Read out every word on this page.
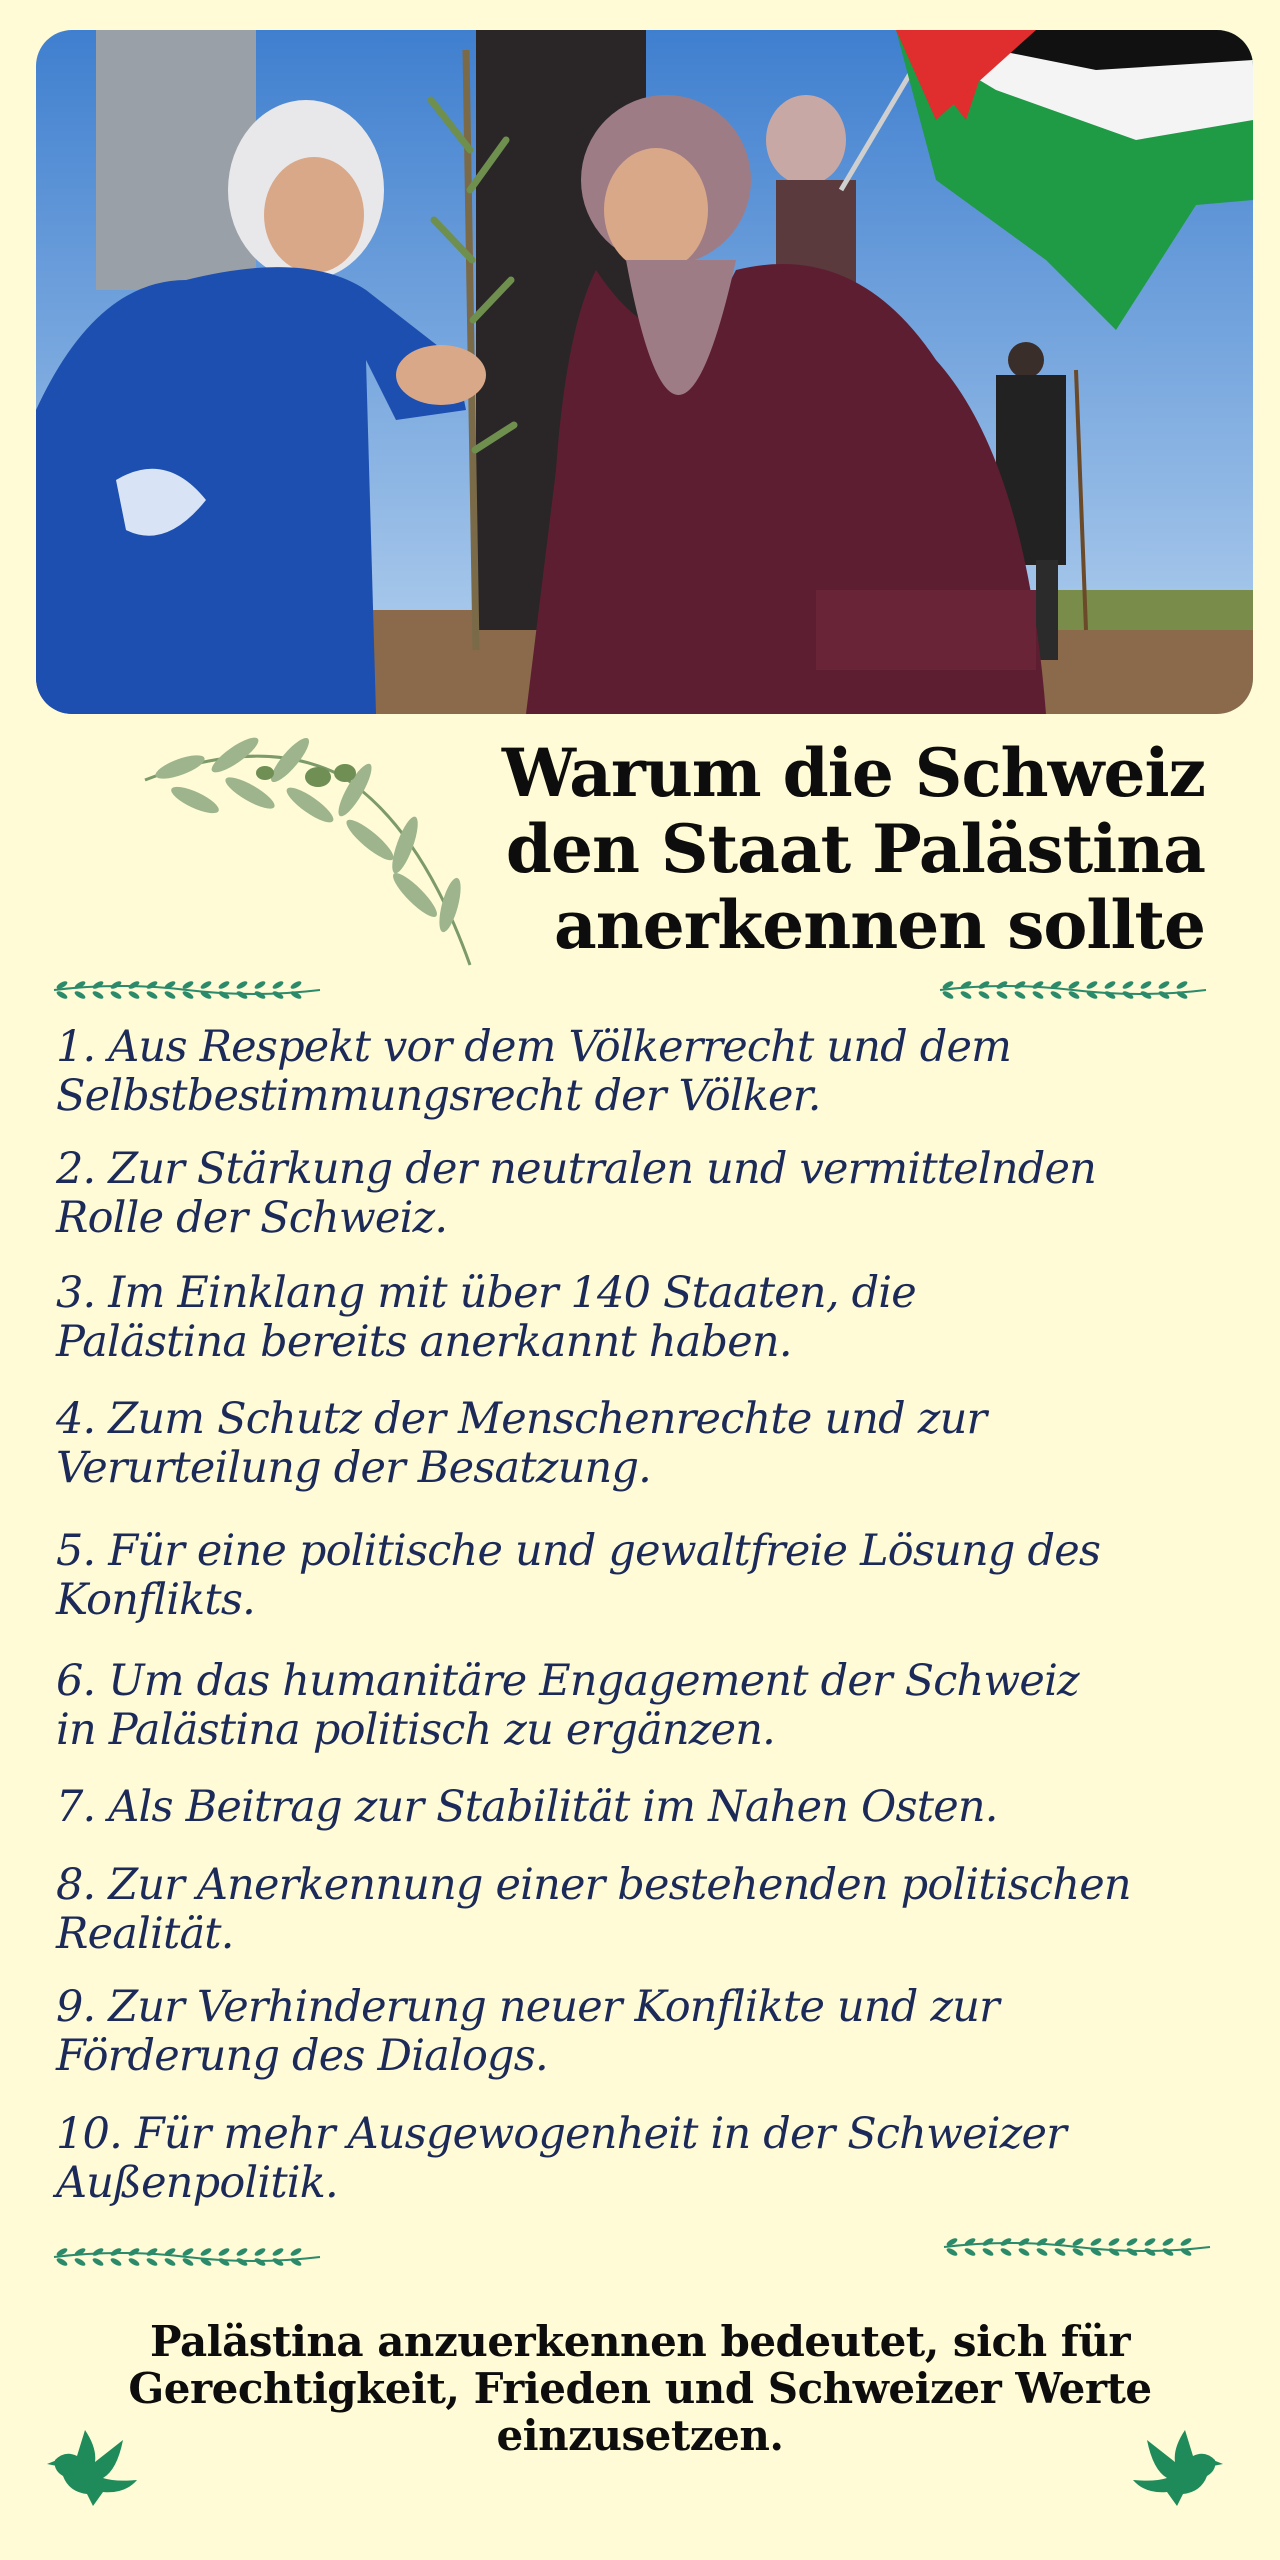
Warum die Schweiz
den Staat Palästina
anerkennen sollte
1. Aus Respekt vor dem Völkerrecht und dem
Selbstbestimmungsrecht der Völker.
2. Zur Stärkung der neutralen und vermittelnden
Rolle der Schweiz.
3. Im Einklang mit über 140 Staaten, die
Palästina bereits anerkannt haben.
4. Zum Schutz der Menschenrechte und zur
Verurteilung der Besatzung.
5. Für eine politische und gewaltfreie Lösung des
Konflikts.
6. Um das humanitäre Engagement der Schweiz
in Palästina politisch zu ergänzen.
7. Als Beitrag zur Stabilität im Nahen Osten.
8. Zur Anerkennung einer bestehenden politischen
Realität.
9. Zur Verhinderung neuer Konflikte und zur
Förderung des Dialogs.
10. Für mehr Ausgewogenheit in der Schweizer
Außenpolitik.
Palästina anzuerkennen bedeutet, sich für
Gerechtigkeit, Frieden und Schweizer Werte
einzusetzen.
